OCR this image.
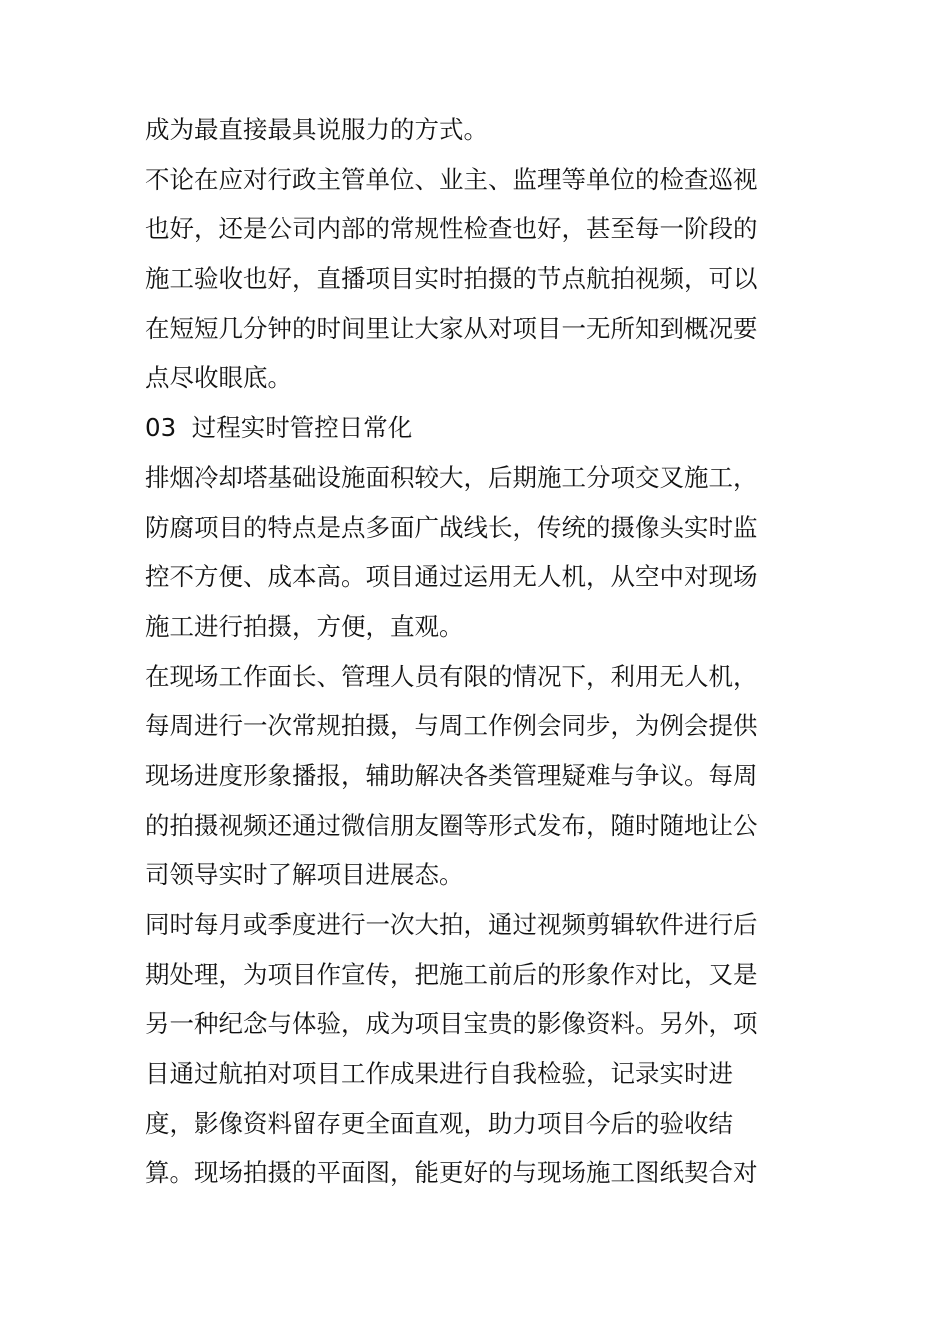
成为最直接最具说服力的方式。
不论在应对行政主管单位、业主、监理等单位的检查巡视
也好，还是公司内部的常规性检查也好，甚至每一阶段的
施工验收也好，直播项目实时拍摄的节点航拍视频，可以
在短短几分钟的时间里让大家从对项目一无所知到概况要
点尽收眼底。
03  过程实时管控日常化
排烟冷却塔基础设施面积较大，后期施工分项交叉施工，
防腐项目的特点是点多面广战线长，传统的摄像头实时监
控不方便、成本高。项目通过运用无人机，从空中对现场
施工进行拍摄，方便，直观。
在现场工作面长、管理人员有限的情况下，利用无人机，
每周进行一次常规拍摄，与周工作例会同步，为例会提供
现场进度形象播报，辅助解决各类管理疑难与争议。每周
的拍摄视频还通过微信朋友圈等形式发布，随时随地让公
司领导实时了解项目进展态。
同时每月或季度进行一次大拍，通过视频剪辑软件进行后
期处理，为项目作宣传，把施工前后的形象作对比，又是
另一种纪念与体验，成为项目宝贵的影像资料。另外，项
目通过航拍对项目工作成果进行自我检验，记录实时进
度，影像资料留存更全面直观，助力项目今后的验收结
算。现场拍摄的平面图，能更好的与现场施工图纸契合对
